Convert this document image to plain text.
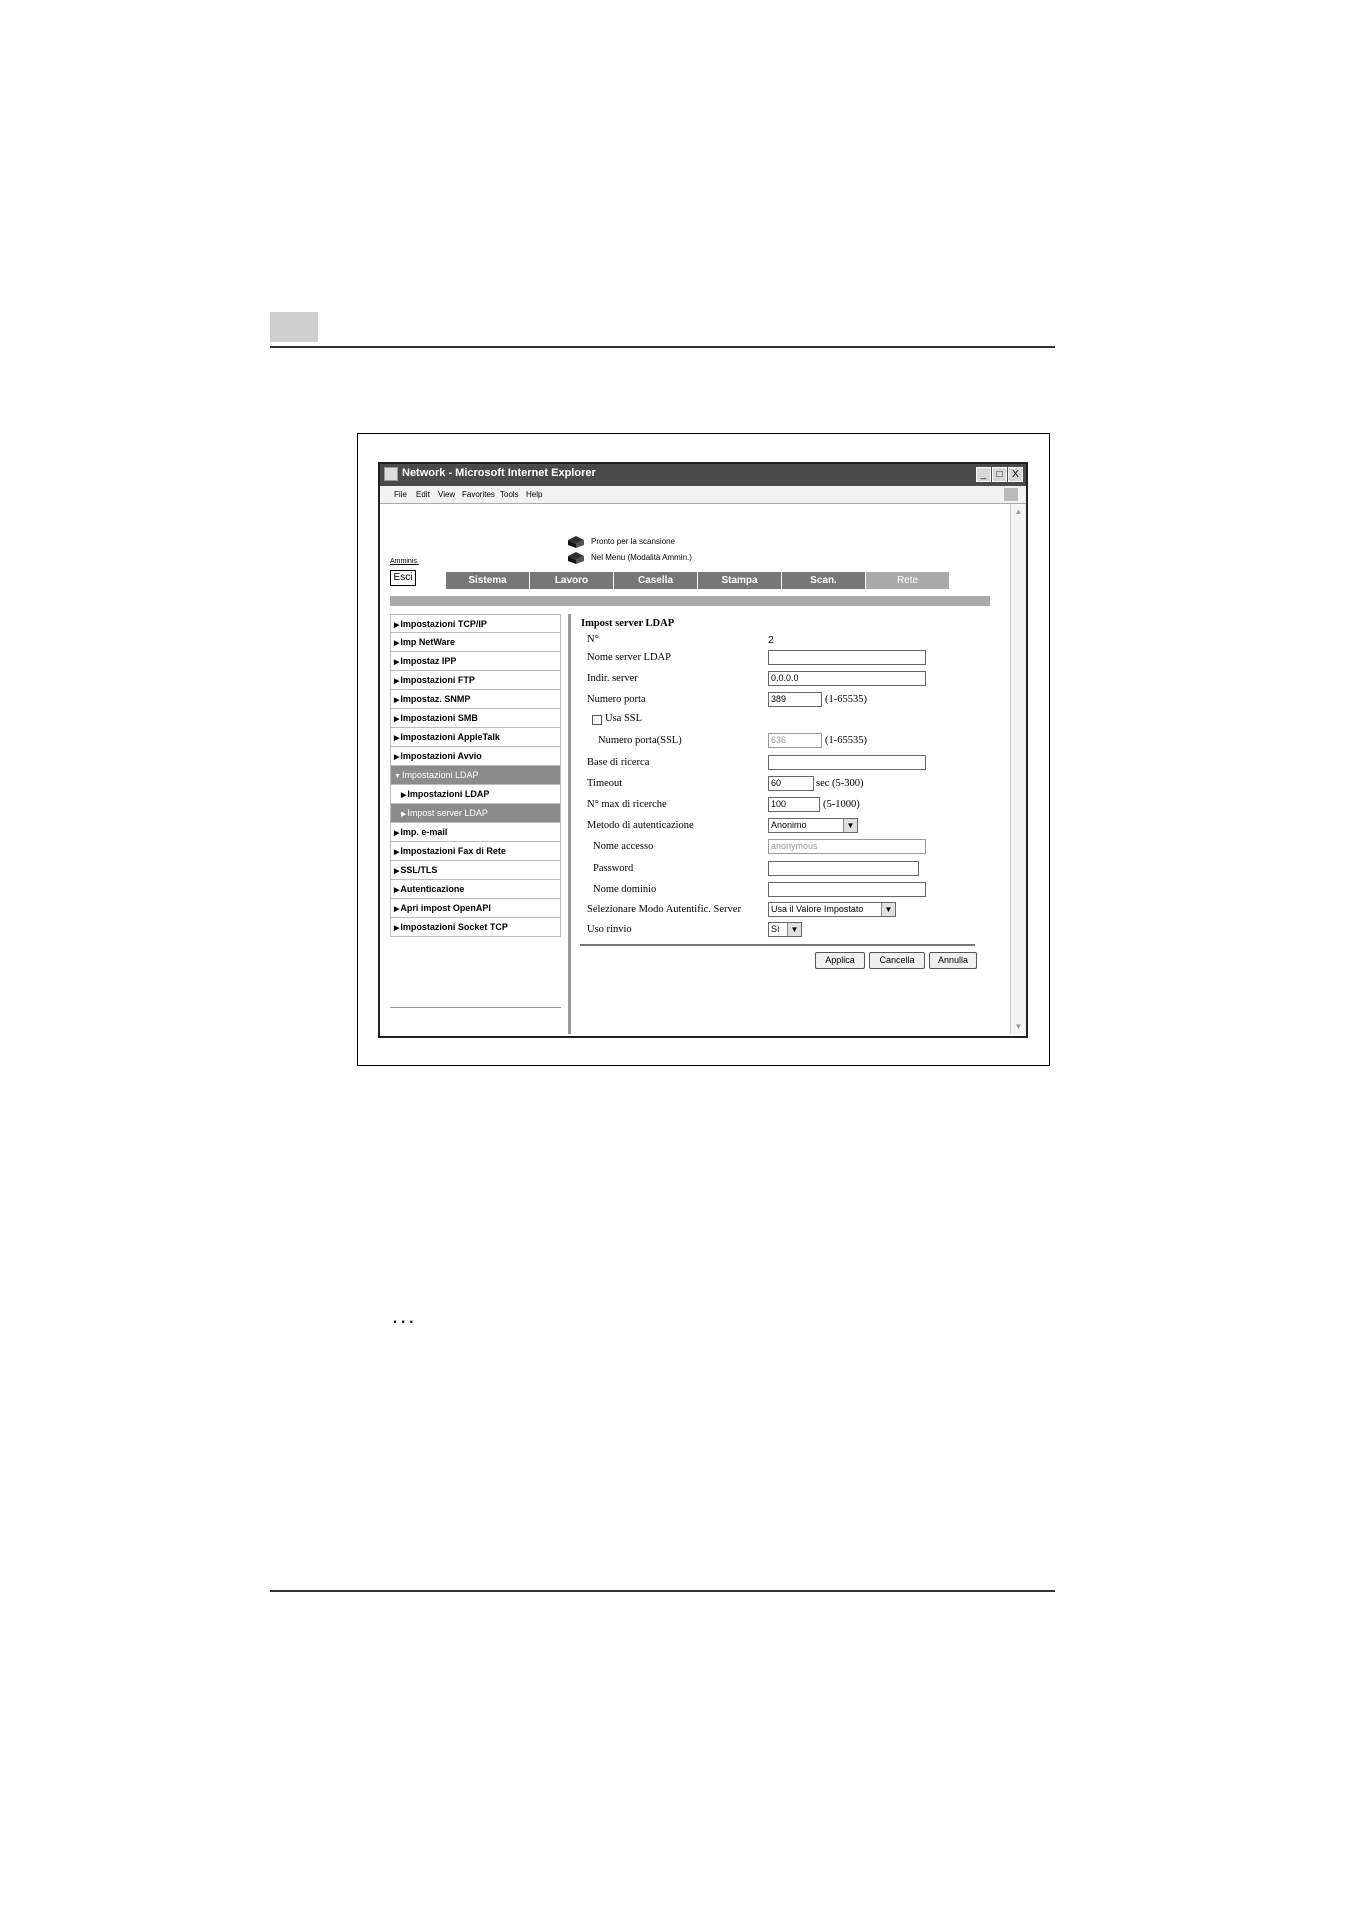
Network - Microsoft Internet Explorer	_	□ X
File Edit View Favorites Tools Help
Pronto per la scansione
Nel Menu (Modalità Ammin.)
Amminis.
Esci	Sistema	Lavoro	Casella	Stampa	Scan.	Rete
▶Impostazioni TCP/IP
▶Imp NetWare
▶Impostaz IPP
▶Impostazioni FTP
▶Impostaz. SNMP
▶Impostazioni SMB
▶Impostazioni AppleTalk
▶Impostazioni Avvio
▼Impostazioni LDAP
▶Impostazioni LDAP
▶Impost server LDAP
▶Imp. e-mail
▶Impostazioni Fax di Rete
▶SSL/TLS
▶Autenticazione
▶Apri impost OpenAPI
▶Impostazioni Socket TCP
Impost server LDAP
N°	2
Nome server LDAP
Indir. server	0.0.0.0
Numero porta	389	(1-65535)
Usa SSL
Numero porta(SSL)	636	(1-65535)
Base di ricerca
Timeout	60	sec (5-300)
N° max di ricerche	100	(5-1000)
Metodo di autenticazione	Anonimo	▼
Nome accesso	anonymous
Password
Nome dominio
Selezionare Modo Autentific. Server	Usa il Valore Impostato	▼
Uso rinvio	Sì	▼
Applica	Cancella	Annulla
▲
▼
...
